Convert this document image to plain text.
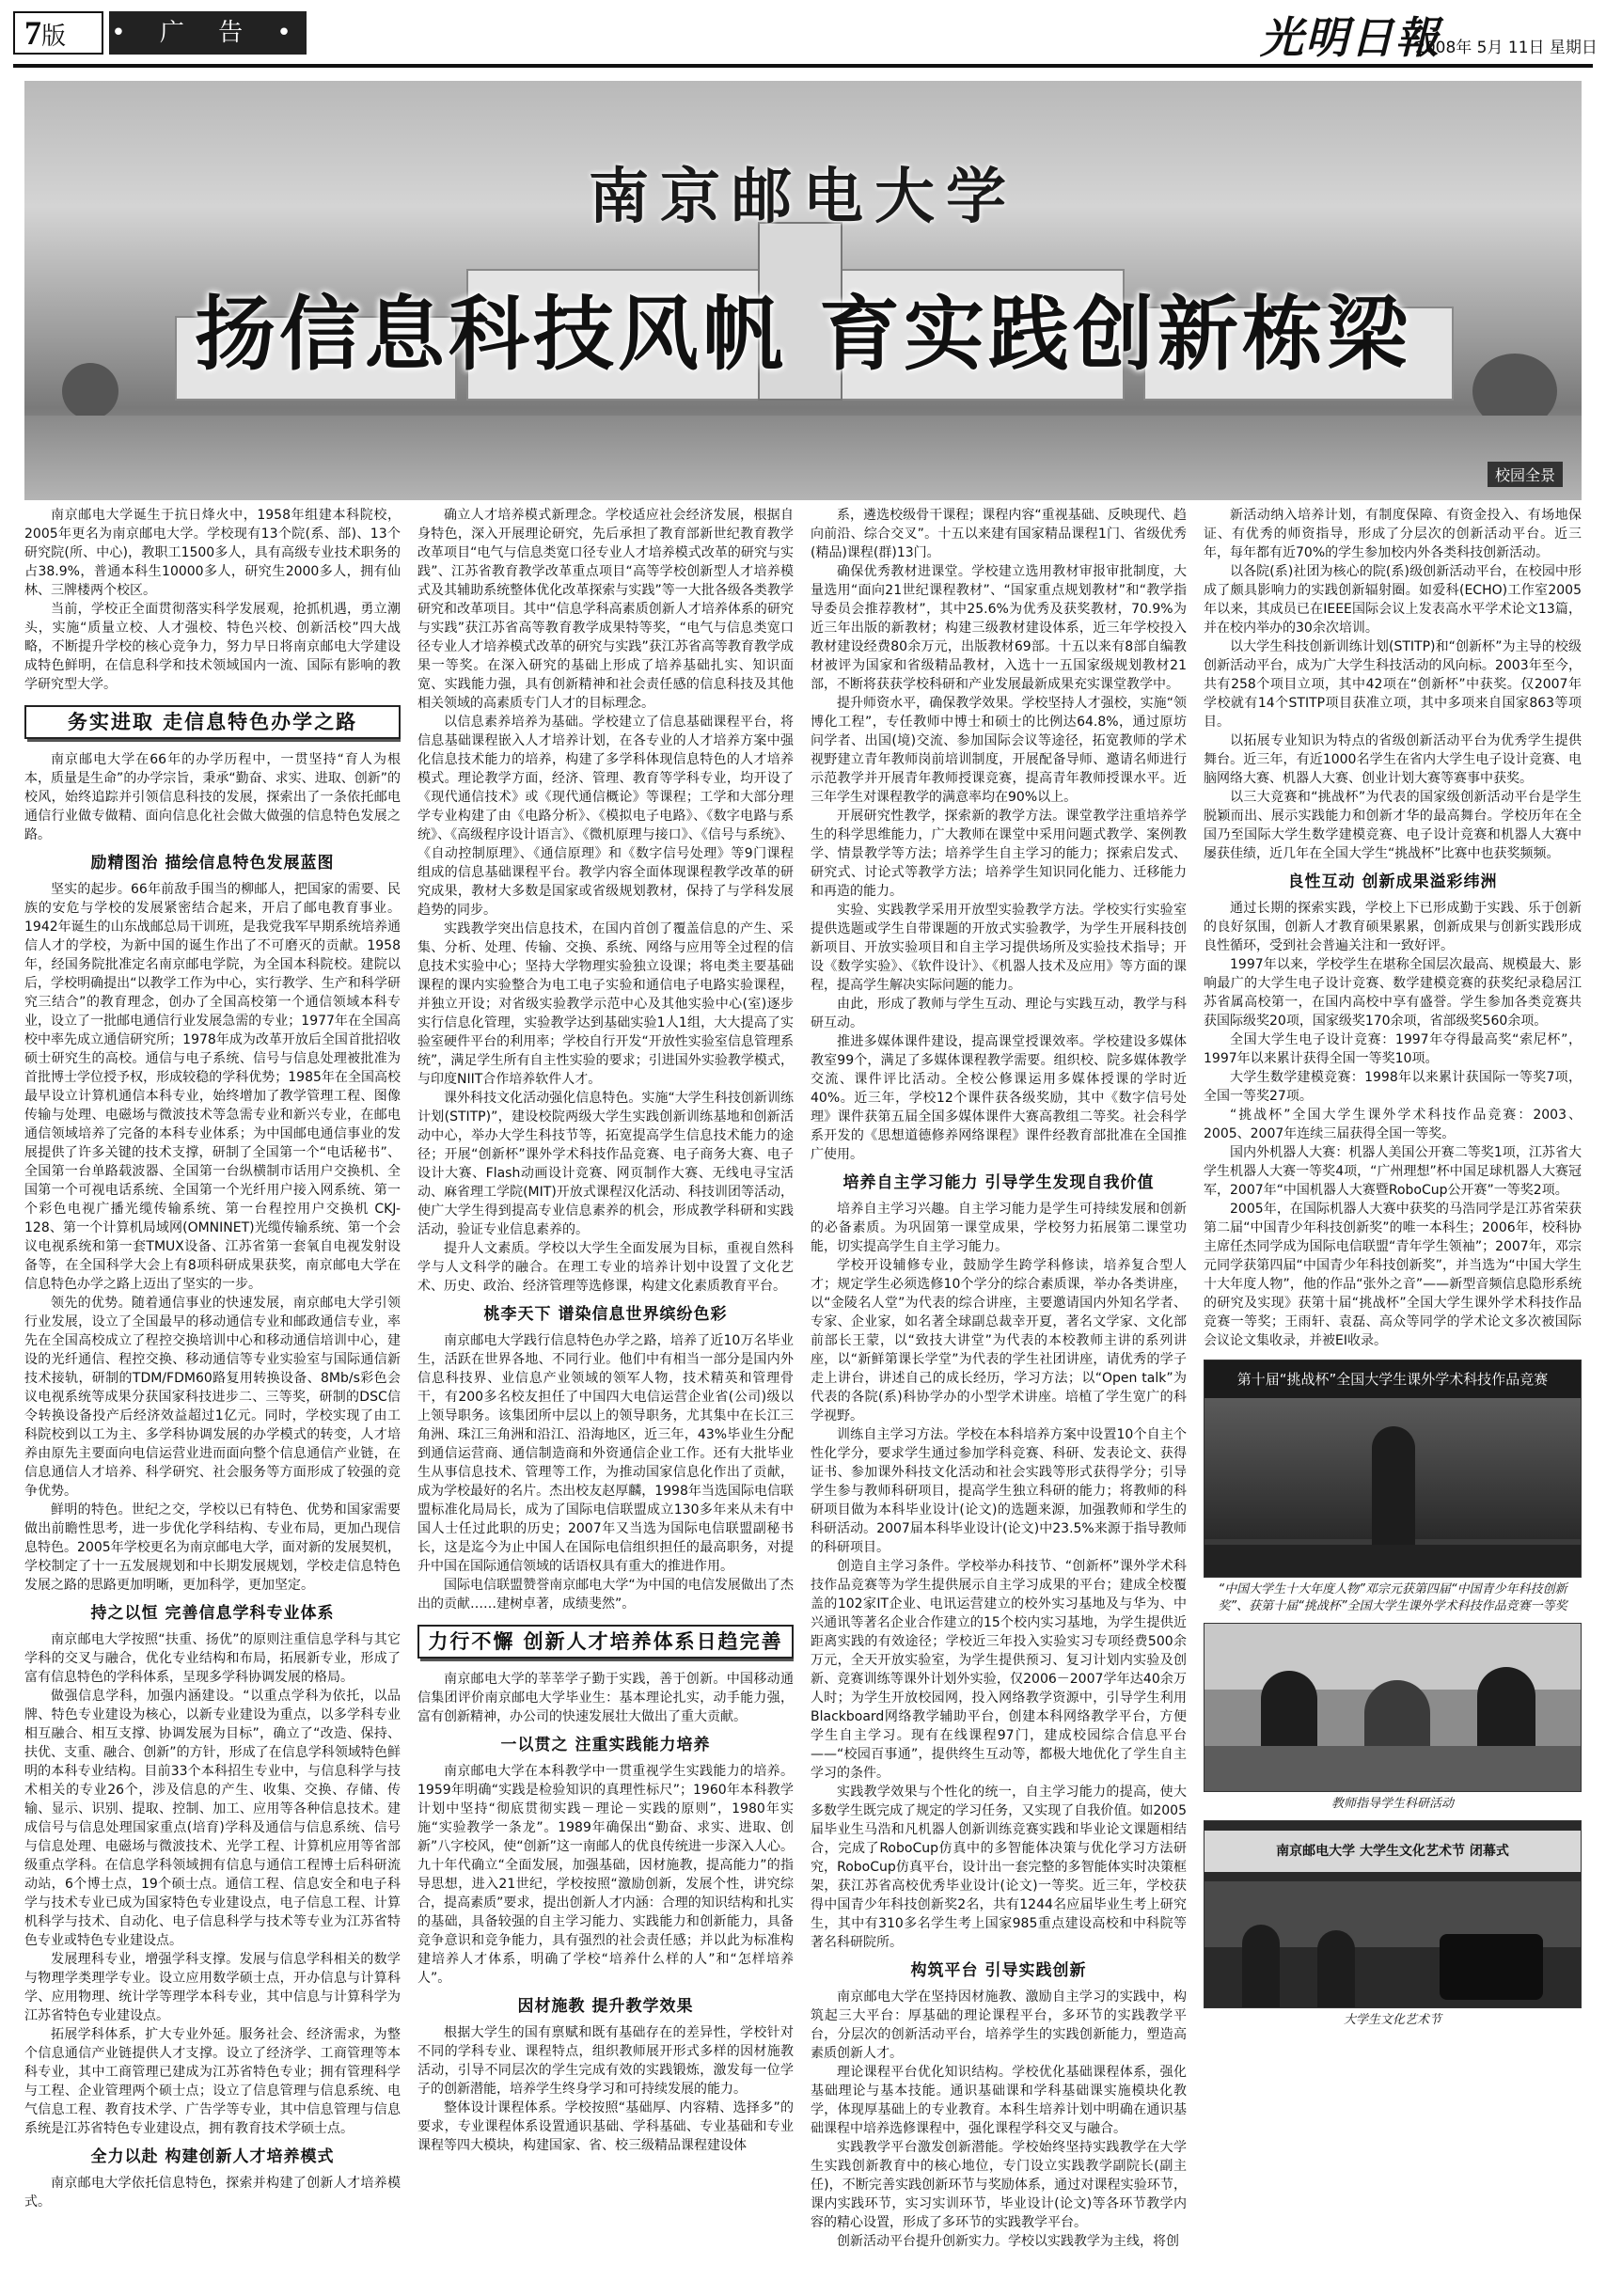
7版	• 广 告 •	光明日報
2008年 5月 11日 星期日
南京邮电大学
扬信息科技风帆 育实践创新栋梁
校园全景

南京邮电大学诞生于抗日烽火中，1958年组建本科院校，2005年更名为南京邮电大学。学校现有13个院(系、部)、13个研究院(所、中心)，教职工1500多人，具有高级专业技术职务的占38.9%，普通本科生10000多人，研究生2000多人，拥有仙林、三牌楼两个校区。

当前，学校正全面贯彻落实科学发展观，抢抓机遇，勇立潮头，实施“质量立校、人才强校、特色兴校、创新活校”四大战略，不断提升学校的核心竞争力，努力早日将南京邮电大学建设成特色鲜明，在信息科学和技术领域国内一流、国际有影响的教学研究型大学。

务实进取 走信息特色办学之路

南京邮电大学在66年的办学历程中，一贯坚持“育人为根本，质量是生命”的办学宗旨，秉承“勤奋、求实、进取、创新”的校风，始终追踪并引领信息科技的发展，探索出了一条依托邮电通信行业做专做精、面向信息化社会做大做强的信息特色发展之路。

励精图治 描绘信息特色发展蓝图

坚实的起步。66年前敌手围当的柳邮人，把国家的需要、民族的安危与学校的发展紧密结合起来，开启了邮电教育事业。1942年诞生的山东战邮总局干训班，是我党我军早期系统培养通信人才的学校，为新中国的诞生作出了不可磨灭的贡献。1958年，经国务院批准定名南京邮电学院，为全国本科院校。建院以后，学校明确提出“以教学工作为中心，实行教学、生产和科学研究三结合”的教育理念，创办了全国高校第一个通信领域本科专业，设立了一批邮电通信行业发展急需的专业；1977年在全国高校中率先成立通信研究所；1978年成为改革开放后全国首批招收硕士研究生的高校。通信与电子系统、信号与信息处理被批准为首批博士学位授予权，形成较稳的学科优势；1985年在全国高校最早设立计算机通信本科专业，始终增加了教学管理工程、图像传输与处理、电磁场与微波技术等急需专业和新兴专业，在邮电通信领域培养了完备的本科专业体系；为中国邮电通信事业的发展提供了许多关键的技术支撑，研制了全国第一个“电话秘书”、全国第一台单路载波器、全国第一台纵横制市话用户交换机、全国第一个可视电话系统、全国第一个光纤用户接入网系统、第一个彩色电视广播光缆传输系统、第一台程控用户交换机 CKJ-128、第一个计算机局域网(OMNINET)光缆传输系统、第一个会议电视系统和第一套TMUX设备、江苏省第一套氧自电视发射设备等，在全国科学大会上有8项科研成果获奖，南京邮电大学在信息特色办学之路上迈出了坚实的一步。

领先的优势。随着通信事业的快速发展，南京邮电大学引领行业发展，设立了全国最早的移动通信专业和邮政通信专业，率先在全国高校成立了程控交换培训中心和移动通信培训中心，建设的光纤通信、程控交换、移动通信等专业实验室与国际通信新技术接轨，研制的TDM/FDM60路复用转换设备、8Mb/s彩色会议电视系统等成果分获国家科技进步二、三等奖，研制的DSC信令转换设备投产后经济效益超过1亿元。同时，学校实现了由工科院校到以工为主、多学科协调发展的办学模式的转变，人才培养由原先主要面向电信运营业进而面向整个信息通信产业链，在信息通信人才培养、科学研究、社会服务等方面形成了较强的竞争优势。

鲜明的特色。世纪之交，学校以已有特色、优势和国家需要做出前瞻性思考，进一步优化学科结构、专业布局，更加凸现信息特色。2005年学校更名为南京邮电大学，面对新的发展契机，学校制定了十一五发展规划和中长期发展规划，学校走信息特色发展之路的思路更加明晰，更加科学，更加坚定。

持之以恒 完善信息学科专业体系

南京邮电大学按照“扶重、扬优”的原则注重信息学科与其它学科的交叉与融合，优化专业结构和布局，拓展新专业，形成了富有信息特色的学科体系，呈现多学科协调发展的格局。

做强信息学科，加强内涵建设。“以重点学科为依托，以品牌、特色专业建设为核心，以新专业建设为重点，以多学科专业相互融合、相互支撑、协调发展为目标”，确立了“改造、保持、扶优、支重、融合、创新”的方针，形成了在信息学科领域特色鲜明的本科专业结构。目前33个本科招生专业中，与信息科学与技术相关的专业26个，涉及信息的产生、收集、交换、存储、传输、显示、识别、提取、控制、加工、应用等各种信息技术。建成信号与信息处理国家重点(培育)学科及通信与信息系统、信号与信息处理、电磁场与微波技术、光学工程、计算机应用等省部级重点学科。在信息学科领域拥有信息与通信工程博士后科研流动站，6个博士点，19个硕士点。通信工程、信息安全和电子科学与技术专业已成为国家特色专业建设点，电子信息工程、计算机科学与技术、自动化、电子信息科学与技术等专业为江苏省特色专业或特色专业建设点。

发展理科专业，增强学科支撑。发展与信息学科相关的数学与物理学类理学专业。设立应用数学硕士点，开办信息与计算科学、应用物理、统计学等理学本科专业，其中信息与计算科学为江苏省特色专业建设点。

拓展学科体系，扩大专业外延。服务社会、经济需求，为整个信息通信产业链提供人才支撑。设立了经济学、工商管理等本科专业，其中工商管理已建成为江苏省特色专业；拥有管理科学与工程、企业管理两个硕士点；设立了信息管理与信息系统、电气信息工程、教育技术学、广告学等专业，其中信息管理与信息系统是江苏省特色专业建设点，拥有教育技术学硕士点。

全力以赴 构建创新人才培养模式

南京邮电大学依托信息特色，探索并构建了创新人才培养模式。

确立人才培养模式新理念。学校适应社会经济发展，根据自身特色，深入开展理论研究，先后承担了教育部新世纪教育教学改革项目“电气与信息类宽口径专业人才培养模式改革的研究与实践”、江苏省教育教学改革重点项目“高等学校创新型人才培养模式及其辅助系统整体优化改革探索与实践”等一大批各级各类教学研究和改革项目。其中“信息学科高素质创新人才培养体系的研究与实践”获江苏省高等教育教学成果特等奖，“电气与信息类宽口径专业人才培养模式改革的研究与实践”获江苏省高等教育教学成果一等奖。在深入研究的基础上形成了培养基础扎实、知识面宽、实践能力强，具有创新精神和社会责任感的信息科技及其他相关领域的高素质专门人才的目标理念。

以信息素养培养为基础。学校建立了信息基础课程平台，将信息基础课程嵌入人才培养计划，在各专业的人才培养方案中强化信息技术能力的培养，构建了多学科体现信息特色的人才培养模式。理论教学方面，经济、管理、教育等学科专业，均开设了《现代通信技术》或《现代通信概论》等课程；工学和大部分理学专业构建了由《电路分析》、《模拟电子电路》、《数字电路与系统》、《高级程序设计语言》、《微机原理与接口》、《信号与系统》、《自动控制原理》、《通信原理》和《数字信号处理》等9门课程组成的信息基础课程平台。教学内容全面体现课程教学改革的研究成果，教材大多数是国家或省级规划教材，保持了与学科发展趋势的同步。

实践教学突出信息技术，在国内首创了覆盖信息的产生、采集、分析、处理、传输、交换、系统、网络与应用等全过程的信息技术实验中心；坚持大学物理实验独立设课；将电类主要基础课程的课内实验整合为电工电子实验和通信电子电路实验课程，并独立开设；对省级实验教学示范中心及其他实验中心(室)逐步实行信息化管理，实验教学达到基础实验1人1组，大大提高了实验室硬件平台的利用率；学校自行开发“开放性实验室信息管理系统”，满足学生所有自主性实验的要求；引进国外实验教学模式，与印度NIIT合作培养软件人才。

课外科技文化活动强化信息特色。实施“大学生科技创新训练计划(STITP)”，建设校院两级大学生实践创新训练基地和创新活动中心，举办大学生科技节等，拓宽提高学生信息技术能力的途径；开展“创新杯”课外学术科技作品竞赛、电子商务大赛、电子设计大赛、Flash动画设计竞赛、网页制作大赛、无线电寻宝活动、麻省理工学院(MIT)开放式课程汉化活动、科技训团等活动，使广大学生得到提高专业信息素养的机会，形成教学科研和实践活动，验证专业信息素养的。

提升人文素质。学校以大学生全面发展为目标，重视自然科学与人文科学的融合。在理工专业的培养计划中设置了文化艺术、历史、政治、经济管理等选修课，构建文化素质教育平台。

桃李天下 谱染信息世界缤纷色彩

南京邮电大学践行信息特色办学之路，培养了近10万名毕业生，活跃在世界各地、不同行业。他们中有相当一部分是国内外信息科技界、业信息产业领域的领军人物，技术精英和管理骨干，有200多名校友担任了中国四大电信运营企业省(公司)级以上领导职务。该集团所中层以上的领导职务，尤其集中在长江三角洲、珠江三角洲和沿江、沿海地区，近三年，43%毕业生分配到通信运营商、通信制造商和外资通信企业工作。还有大批毕业生从事信息技术、管理等工作，为推动国家信息化作出了贡献，成为学校最好的名片。杰出校友赵厚麟，1998年当选国际电信联盟标准化局局长，成为了国际电信联盟成立130多年来从未有中国人士任过此职的历史；2007年又当选为国际电信联盟副秘书长，这是迄今为止中国人在国际电信组织担任的最高职务，对提升中国在国际通信领域的话语权具有重大的推进作用。

国际电信联盟赞誉南京邮电大学“为中国的电信发展做出了杰出的贡献……建树卓著，成绩斐然”。

力行不懈 创新人才培养体系日趋完善

南京邮电大学的莘莘学子勤于实践，善于创新。中国移动通信集团评价南京邮电大学毕业生：基本理论扎实，动手能力强，富有创新精神，办公司的快速发展壮大做出了重大贡献。

一以贯之 注重实践能力培养

南京邮电大学在本科教学中一贯重视学生实践能力的培养。1959年明确“实践是检验知识的真理性标尺”；1960年本科教学计划中坚持“彻底贯彻实践－理论－实践的原则”，1980年实施“实验教学一条龙”。1989年确保出“勤奋、求实、进取、创新”八字校风，使“创新”这一南邮人的优良传统进一步深入人心。九十年代确立“全面发展，加强基础，因材施教，提高能力”的指导思想，进入21世纪，学校按照“激励创新，发展个性，讲究综合，提高素质”要求，提出创新人才内涵：合理的知识结构和扎实的基础，具备较强的自主学习能力、实践能力和创新能力，具备竞争意识和竞争能力，具有强烈的社会责任感；并以此为标准构建培养人才体系，明确了学校“培养什么样的人”和“怎样培养人”。

因材施教 提升教学效果

根据大学生的国有禀赋和既有基础存在的差异性，学校针对不同的学科专业、课程特点，组织教师展开形式多样的因材施教活动，引导不同层次的学生完成有效的实践锻炼，激发每一位学子的创新潜能，培养学生终身学习和可持续发展的能力。

整体设计课程体系。学校按照“基础厚、内容精、选择多”的要求，专业课程体系设置通识基础、学科基础、专业基础和专业课程等四大模块，构建国家、省、校三级精品课程建设体

系，遴选校级骨干课程；课程内容“重视基础、反映现代、趋向前沿、综合交叉”。十五以来建有国家精品课程1门、省级优秀(精品)课程(群)13门。

确保优秀教材进课堂。学校建立选用教材审报审批制度，大量选用“面向21世纪课程教材”、“国家重点规划教材”和“教学指导委员会推荐教材”，其中25.6%为优秀及获奖教材，70.9%为近三年出版的新教材；构建三级教材建设体系，近三年学校投入教材建设经费80余万元，出版教材69部。十五以来有8部自编教材被评为国家和省级精品教材，入选十一五国家级规划教材21部，不断将获获学校科研和产业发展最新成果充实课堂教学中。

提升师资水平，确保教学效果。学校坚持人才强校，实施“领博化工程”，专任教师中博士和硕士的比例达64.8%，通过原坊问学者、出国(境)交流、参加国际会议等途径，拓宽教师的学术视野建立青年教师岗前培训制度，开展配备导师、邀请名师进行示范教学并开展青年教师授课竞赛，提高青年教师授课水平。近三年学生对课程教学的满意率均在90%以上。

开展研究性教学，探索新的教学方法。课堂教学注重培养学生的科学思维能力，广大教师在课堂中采用问题式教学、案例教学、情景教学等方法；培养学生自主学习的能力；探索启发式、研究式、讨论式等教学方法；培养学生知识同化能力、迁移能力和再造的能力。

实验、实践教学采用开放型实验教学方法。学校实行实验室提供选题或学生自带课题的开放式实验教学，为学生开展科技创新项目、开放实验项目和自主学习提供场所及实验技术指导；开设《数学实验》、《软件设计》、《机器人技术及应用》等方面的课程，提高学生解决实际问题的能力。

由此，形成了教师与学生互动、理论与实践互动，教学与科研互动。

推进多媒体课件建设，提高课堂授课效率。学校建设多媒体教室99个，满足了多媒体课程教学需要。组织校、院多媒体教学交流、课件评比活动。全校公修课运用多媒体授课的学时近40%。近三年，学校12个课件获各级奖励，其中《数字信号处理》课件获第五届全国多媒体课件大赛高教组二等奖。社会科学系开发的《思想道德修养网络课程》课件经教育部批准在全国推广使用。

培养自主学习能力 引导学生发现自我价值

培养自主学习兴趣。自主学习能力是学生可持续发展和创新的必备素质。为巩固第一课堂成果，学校努力拓展第二课堂功能，切实提高学生自主学习能力。

学校开设辅修专业，鼓励学生跨学科修读，培养复合型人才；规定学生必须选修10个学分的综合素质课，举办各类讲座，以“金陵名人堂”为代表的综合讲座，主要邀请国内外知名学者、专家、企业家，如名著全球副总裁幸开夏，著名文学家、文化部前部长王蒙，以“致技大讲堂”为代表的本校教师主讲的系列讲座，以“新鲜第课长学堂”为代表的学生社团讲座，请优秀的学子走上讲台，讲述自己的成长经历，学习方法；以“Open talk”为代表的各院(系)科协学办的小型学术讲座。培植了学生宽广的科学视野。

训练自主学习方法。学校在本科培养方案中设置10个自主个性化学分，要求学生通过参加学科竞赛、科研、发表论文、获得证书、参加课外科技文化活动和社会实践等形式获得学分；引导学生参与教师科研项目，提高学生独立科研的能力；将教师的科研项目做为本科毕业设计(论文)的选题来源，加强教师和学生的科研活动。2007届本科毕业设计(论文)中23.5%来源于指导教师的科研项目。

创造自主学习条件。学校举办科技节、“创新杯”课外学术科技作品竞赛等为学生提供展示自主学习成果的平台；建成全校覆盖的102家IT企业、电讯运营建立的校外实习基地及与华为、中兴通讯等著名企业合作建立的15个校内实习基地，为学生提供近距离实践的有效途径；学校近三年投入实验实习专项经费500余万元，全天开放实验室，为学生提供预习、复习计划内实验及创新、竞赛训练等课外计划外实验，仅2006－2007学年达40余万人时；为学生开放校园网，投入网络教学资源中，引导学生利用Blackboard网络教学辅助平台，创建本科网络教学平台，方便学生自主学习。现有在线课程97门，建成校园综合信息平台——“校园百事通”，提供终生互动等，都极大地优化了学生自主学习的条件。

实践教学效果与个性化的统一，自主学习能力的提高，使大多数学生既完成了规定的学习任务，又实现了自我价值。如2005届毕业生马浩和凡机器人创新训练竞赛实践和毕业论文课题相结合，完成了RoboCup仿真中的多智能体决策与优化学习方法研究，RoboCup仿真平台，设计出一套完整的多智能体实时决策框架，获江苏省高校优秀毕业设计(论文)一等奖。近三年，学校获得中国青少年科技创新奖2名，共有1244名应届毕业生考上研究生，其中有310多名学生考上国家985重点建设高校和中科院等著名科研院所。

构筑平台 引导实践创新

南京邮电大学在坚持因材施教、激励自主学习的实践中，构筑起三大平台：厚基础的理论课程平台，多环节的实践教学平台，分层次的创新活动平台，培养学生的实践创新能力，塑造高素质创新人才。

理论课程平台优化知识结构。学校优化基础课程体系，强化基础理论与基本技能。通识基础课和学科基础课实施模块化教学，体现厚基础上的专业教育。本科生培养计划中明确在通识基础课程中培养选修课程中，强化课程学科交叉与融合。

实践教学平台激发创新潜能。学校始终坚持实践教学在大学生实践创新教育中的核心地位，专门设立实践教学副院长(副主任)，不断完善实践创新环节与奖励体系，通过对课程实验环节，课内实践环节，实习实训环节，毕业设计(论文)等各环节教学内容的精心设置，形成了多环节的实践教学平台。

创新活动平台提升创新实力。学校以实践教学为主线，将创

新活动纳入培养计划，有制度保障、有资金投入、有场地保证、有优秀的师资指导，形成了分层次的创新活动平台。近三年，每年都有近70%的学生参加校内外各类科技创新活动。

以各院(系)社团为核心的院(系)级创新活动平台，在校园中形成了颇具影响力的实践创新辐射圈。如爱科(ECHO)工作室2005年以来，其成员已在IEEE国际会议上发表高水平学术论文13篇，并在校内举办的30余次培训。

以大学生科技创新训练计划(STITP)和“创新杯”为主导的校级创新活动平台，成为广大学生科技活动的风向标。2003年至今，共有258个项目立项，其中42项在“创新杯”中获奖。仅2007年学校就有14个STITP项目获准立项，其中多项来自国家863等项目。

以拓展专业知识为特点的省级创新活动平台为优秀学生提供舞台。近三年，有近1000名学生在省内大学生电子设计竞赛、电脑网络大赛、机器人大赛、创业计划大赛等赛事中获奖。

以三大竞赛和“挑战杯”为代表的国家级创新活动平台是学生脱颖而出、展示实践能力和创新才华的最高舞台。学校历年在全国乃至国际大学生数学建模竞赛、电子设计竞赛和机器人大赛中屡获佳绩，近几年在全国大学生“挑战杯”比赛中也获奖频频。

良性互动 创新成果溢彩纬洲

通过长期的探索实践，学校上下已形成勤于实践、乐于创新的良好氛围，创新人才教育硕果累累，创新成果与创新实践形成良性循环，受到社会普遍关注和一致好评。

1997年以来，学校学生在堪称全国层次最高、规模最大、影响最广的大学生电子设计竞赛、数学建模竞赛的获奖纪录稳居江苏省属高校第一，在国内高校中享有盛誉。学生参加各类竞赛共获国际级奖20项，国家级奖170余项，省部级奖560余项。

全国大学生电子设计竞赛：1997年夺得最高奖“索尼杯”，1997年以来累计获得全国一等奖10项。

大学生数学建模竞赛：1998年以来累计获国际一等奖7项，全国一等奖27项。

“挑战杯”全国大学生课外学术科技作品竞赛：2003、2005、2007年连续三届获得全国一等奖。

国内外机器人大赛：机器人美国公开赛二等奖1项，江苏省大学生机器人大赛一等奖4项，“广州理想”杯中国足球机器人大赛冠军，2007年“中国机器人大赛暨RoboCup公开赛”一等奖2项。

2005年，在国际机器人大赛中获奖的马浩同学是江苏省荣获第二届“中国青少年科技创新奖”的唯一本科生；2006年，校科协主席任杰同学成为国际电信联盟“青年学生领袖”；2007年，邓宗元同学获第四届“中国青少年科技创新奖”，并当选为“中国大学生十大年度人物”，他的作品“张外之音”——新型音频信息隐形系统的研究及实现》获第十届“挑战杯”全国大学生课外学术科技作品竞赛一等奖；王雨轩、袁磊、高众等同学的学术论文多次被国际会议论文集收录，并被EI收录。

第十届“挑战杯”全国大学生课外学术科技作品竞赛
“中国大学生十大年度人物”邓宗元获第四届“中国青少年科技创新奖”、获第十届“挑战杯”全国大学生课外学术科技作品竞赛一等奖
教师指导学生科研活动
南京邮电大学 大学生文化艺术节 闭幕式
大学生文化艺术节
